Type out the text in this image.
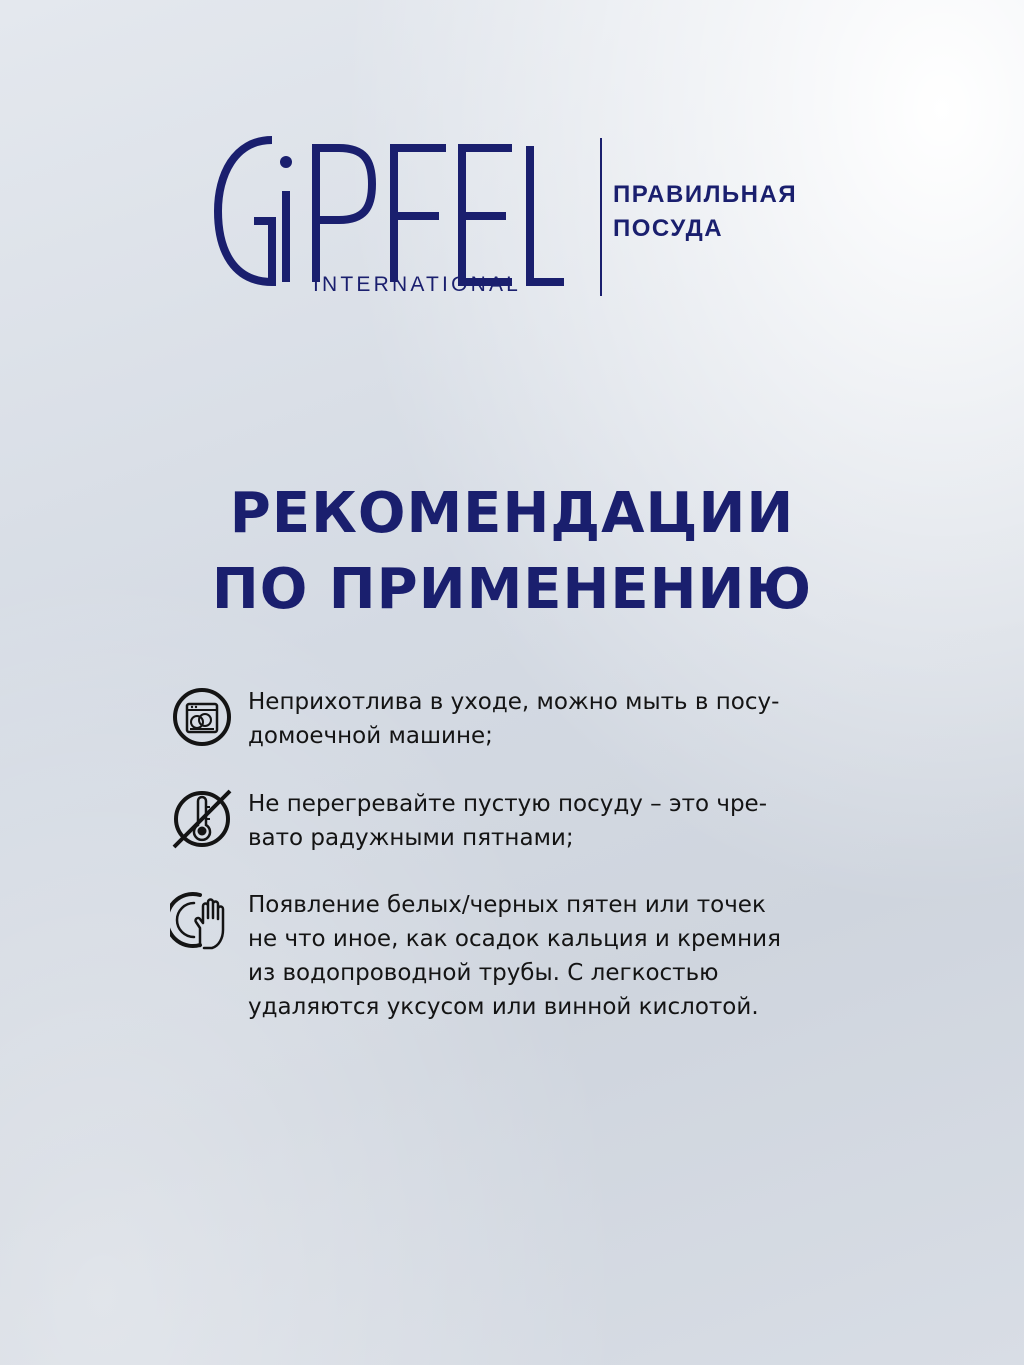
INTERNATIONAL
ПРАВИЛЬНАЯ
ПОСУДА
РЕКОМЕНДАЦИИ
ПО ПРИМЕНЕНИЮ
Неприхотлива в уходе, можно мыть в посу-
домоечной машине;
Не перегревайте пустую посуду – это чре-
вато радужными пятнами;
Появление белых/черных пятен или точек
не что иное, как осадок кальция и кремния
из водопроводной трубы. С легкостью
удаляются уксусом или винной кислотой.
